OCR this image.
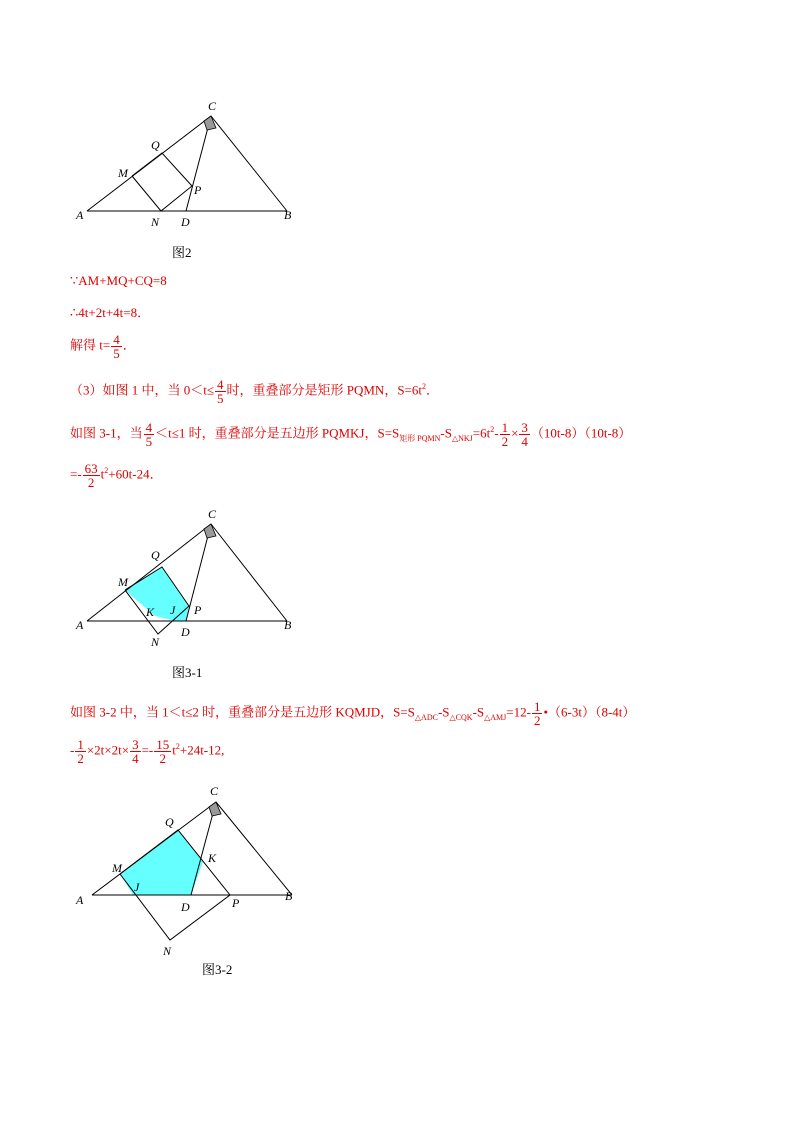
C
Q
M
P
A	N D	B
图2
∵AM+MQ+CQ=8
∴4t+2t+4t=8．
解得 $t= \frac{4}{5}$ ．
（3）如图 1 中，当 $0<t\le \frac{4}{5}$ 时，重叠部分是矩形 PQMN，$S=6t^2$．
如图 3-1，当 $\frac{4}{5} <t\le 1$ 时，重叠部分是五边形 PQMKJ，$S=S_{矩形 PQMN}-S_{\triangle NKJ}=6t^2- \frac{1}{2} \times \frac{3}{4} (10t-8)(10t-8)$
=- $\frac{63}{2} t^2+60t-24$．
C
Q
M
K J P
A	D	B
N
图3-1
如图 3-2 中，当 1＜t≤2 时，重叠部分是五边形 KQMJD，$S=S_{\triangle ADC}-S_{\triangle CQK}-S_{\triangle AMJ}=12- \frac{1}{2}$ •（6-3t）（8-4t）
- $\frac{1}{2} \times 2t\times 2t\times \frac{3}{4} =- \frac{15}{2} t^2+24t-12$,
C
Q
K
M
J
A	D	P	B
N
图3-2
